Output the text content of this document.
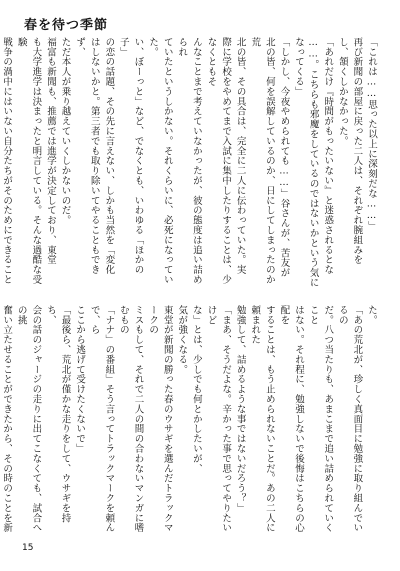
春を待つ季節

「これは……思った以上に深刻だな……」

再び新聞の部屋に戻った二人は、それぞれ腕組みを

し、頷くしかなかった。

「あれだけ『時間がもったいない』と迷惑されるとな

……。こちらも邪魔をしているのではないかという気に

なってくる」

「しかし、今夜やめられても……」谷さんが、苦友が

北の皆、何を誤解しているのか、日にしてしまったのか荒

北の皆、その具合は、完全に二人に伝わっていた。実

際に学校をやめてまで入試に集中したりすることは、少なくともそ

んなことまで考えていなかったが、彼の態度は追い詰められ

ていたというしかない。それくらいに、必死になっていた。

い、ぼーっと」など、でなくとも、いわゆる「ほかの子」

の恋の話題、その先に言えない、しかも当然を「変化

はしないかと。第三者でも取り除いてやることもできず、

ただ本人が乗り越えていくしかないのだ。

福富も新聞も、推薦では進学が決定しており、東堂

も大学進学は決まったと明言している。そんな過酷な受験

戦争の渦中にはいない自分たちがそのためにできること

た。

「あの荒北が、珍しく真面目に勉強に取り組んでいるの

だ。八つ当たりも、あまこまで追い詰められていくこと

はない。それ程に、勉強しないで後悔はこちらの心配を

することは、もう止められないことだ。あの二人に頼まれた

勉強して、詰めるような事ではないだろう？」

「まあ、そうだよな。辛かった事で思ってやりたいけど

な」とは、少しでも何とかしたいが、

気が強くなる。

東堂が新聞の勝った春のウサギを選んだトラックマークの

ミスもして、それで二人の間の合わないマンガに嗜むもの

「ナナ」の番組」そう言ってトラックマークを頼んで、ら

ここから逃げて受けたくないで」

「最後ら、荒北が僅かな走りをして、ウサギを持ち、

会の話のジャージの走りに出てこなくても、試合への挑

奮い立たせることができたから、その時のことを新

15
